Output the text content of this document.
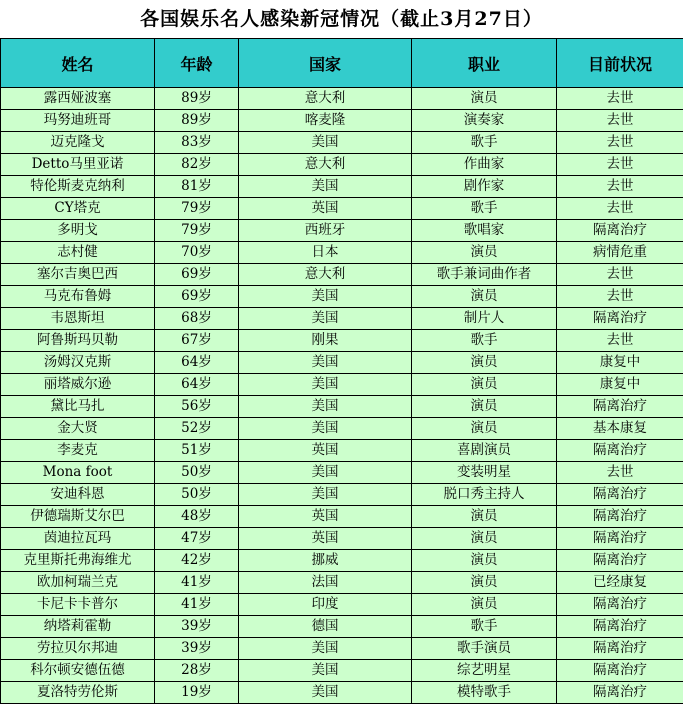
各国娱乐名人感染新冠情况（截止3月27日）
姓名	年龄	国家	职业	目前状况
露西娅波塞	89岁	意大利	演员	去世
玛努迪班哥	89岁	喀麦隆	演奏家	去世
迈克隆戈	83岁	美国	歌手	去世
Detto马里亚诺	82岁	意大利	作曲家	去世
特伦斯麦克纳利	81岁	美国	剧作家	去世
CY塔克	79岁	英国	歌手	去世
多明戈	79岁	西班牙	歌唱家	隔离治疗
志村健	70岁	日本	演员	病情危重
塞尔吉奥巴西	69岁	意大利	歌手兼词曲作者	去世
马克布鲁姆	69岁	美国	演员	去世
韦恩斯坦	68岁	美国	制片人	隔离治疗
阿鲁斯玛贝勒	67岁	刚果	歌手	去世
汤姆汉克斯	64岁	美国	演员	康复中
丽塔威尔逊	64岁	美国	演员	康复中
黛比马扎	56岁	美国	演员	隔离治疗
金大贤	52岁	美国	演员	基本康复
李麦克	51岁	英国	喜剧演员	隔离治疗
Mona foot	50岁	美国	变装明星	去世
安迪科恩	50岁	美国	脱口秀主持人	隔离治疗
伊德瑞斯艾尔巴	48岁	英国	演员	隔离治疗
茵迪拉瓦玛	47岁	英国	演员	隔离治疗
克里斯托弗海维尤	42岁	挪威	演员	隔离治疗
欧加柯瑞兰克	41岁	法国	演员	已经康复
卡尼卡卡普尔	41岁	印度	演员	隔离治疗
纳塔莉霍勒	39岁	德国	歌手	隔离治疗
劳拉贝尔邦迪	39岁	美国	歌手演员	隔离治疗
科尔顿安德伍德	28岁	美国	综艺明星	隔离治疗
夏洛特劳伦斯	19岁	美国	模特歌手	隔离治疗
